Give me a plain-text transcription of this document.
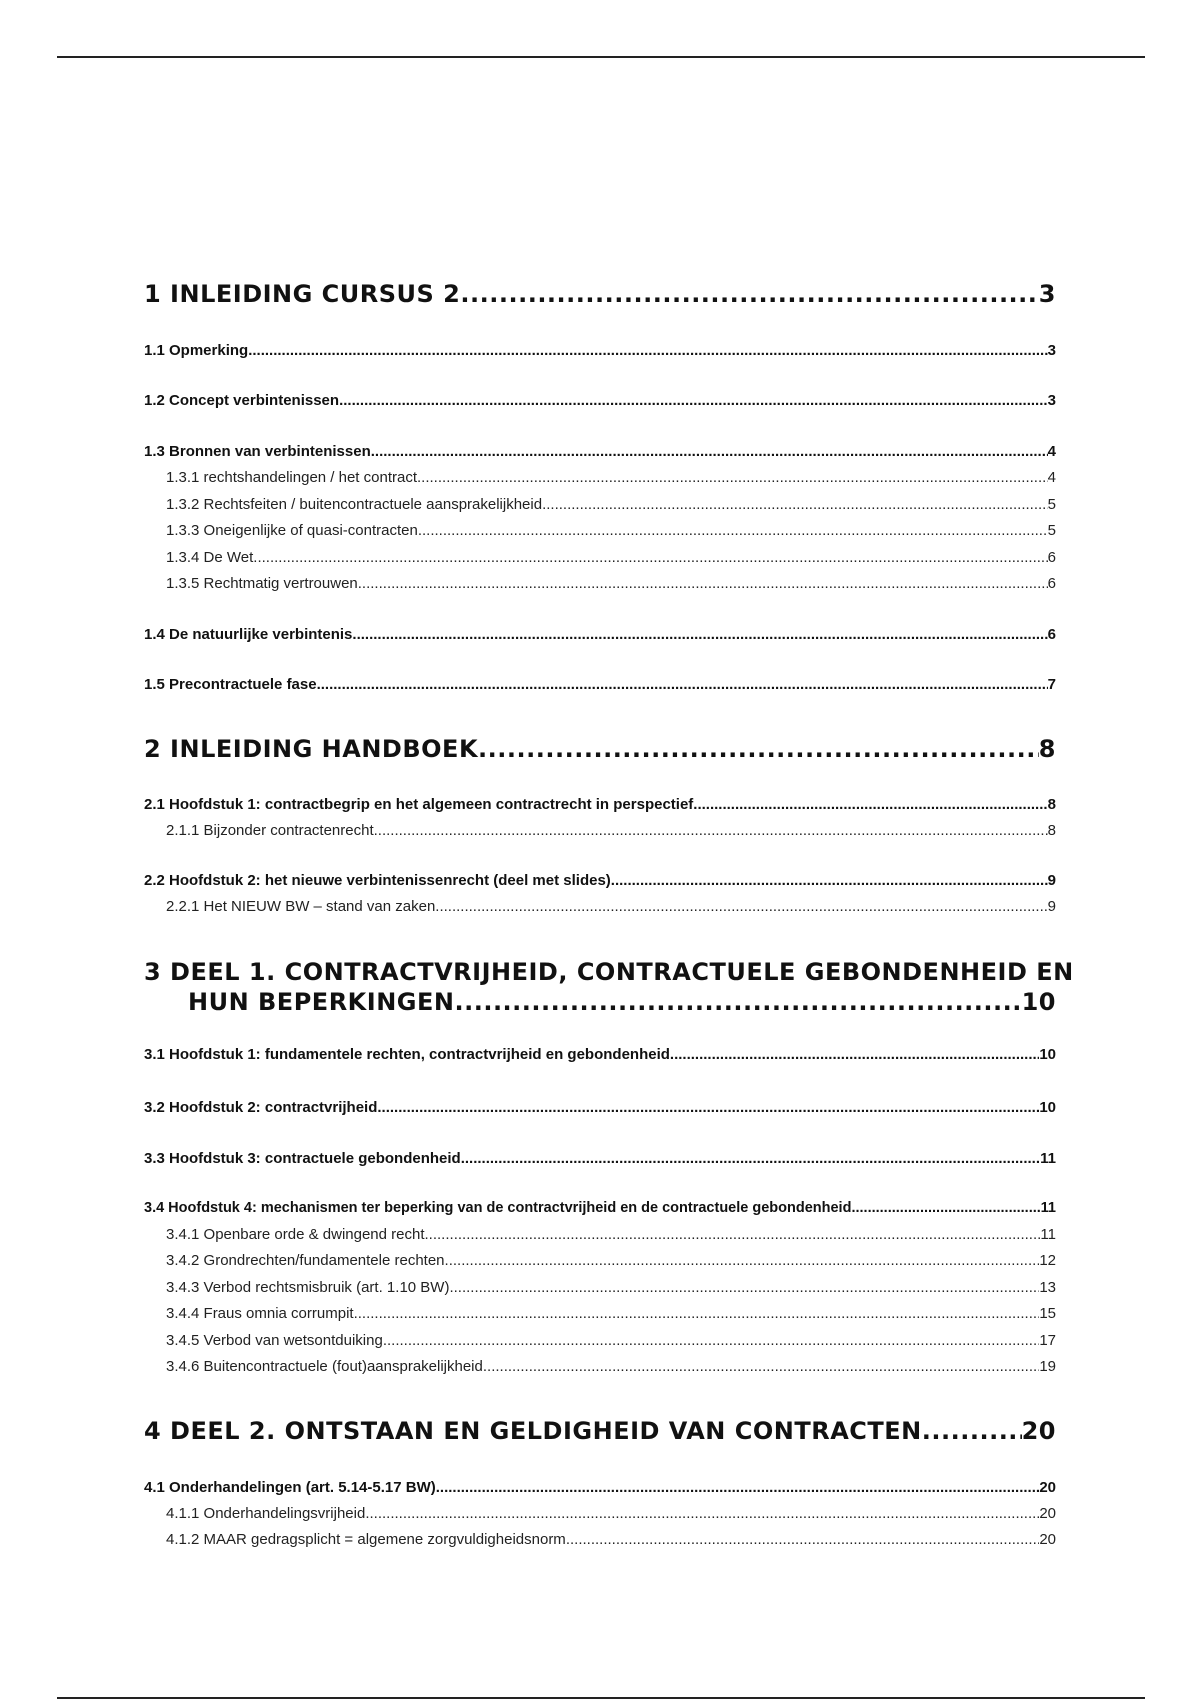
1 INLEIDING CURSUS 2 .....	3
1.1 Opmerking .....	3
1.2 Concept verbintenissen .....	3
1.3 Bronnen van verbintenissen .....	4
1.3.1 rechtshandelingen / het contract .....	4
1.3.2 Rechtsfeiten / buitencontractuele aansprakelijkheid .....	5
1.3.3 Oneigenlijke of quasi-contracten .....	5
1.3.4 De Wet .....	6
1.3.5 Rechtmatig vertrouwen .....	6
1.4 De natuurlijke verbintenis .....	6
1.5 Precontractuele fase .....	7
2 INLEIDING HANDBOEK .....	8
2.1 Hoofdstuk 1: contractbegrip en het algemeen contractrecht in perspectief .....	8
2.1.1 Bijzonder contractenrecht .....	8
2.2 Hoofdstuk 2: het nieuwe verbintenissenrecht (deel met slides) .....	9
2.2.1 Het NIEUW BW – stand van zaken .....	9
3 DEEL 1. CONTRACTVRIJHEID, CONTRACTUELE GEBONDENHEID EN
HUN BEPERKINGEN .....	10
3.1 Hoofdstuk 1: fundamentele rechten, contractvrijheid en gebondenheid .....	10
3.2 Hoofdstuk 2: contractvrijheid .....	10
3.3 Hoofdstuk 3: contractuele gebondenheid .....	11
3.4 Hoofdstuk 4: mechanismen ter beperking van de contractvrijheid en de contractuele gebondenheid .....	11
3.4.1 Openbare orde & dwingend recht .....	11
3.4.2 Grondrechten/fundamentele rechten .....	12
3.4.3 Verbod rechtsmisbruik (art. 1.10 BW) .....	13
3.4.4 Fraus omnia corrumpit .....	15
3.4.5 Verbod van wetsontduiking .....	17
3.4.6 Buitencontractuele (fout)aansprakelijkheid .....	19
4 DEEL 2. ONTSTAAN EN GELDIGHEID VAN CONTRACTEN .....	20
4.1 Onderhandelingen (art. 5.14-5.17 BW) .....	20
4.1.1 Onderhandelingsvrijheid .....	20
4.1.2 MAAR gedragsplicht = algemene zorgvuldigheidsnorm .....	20
